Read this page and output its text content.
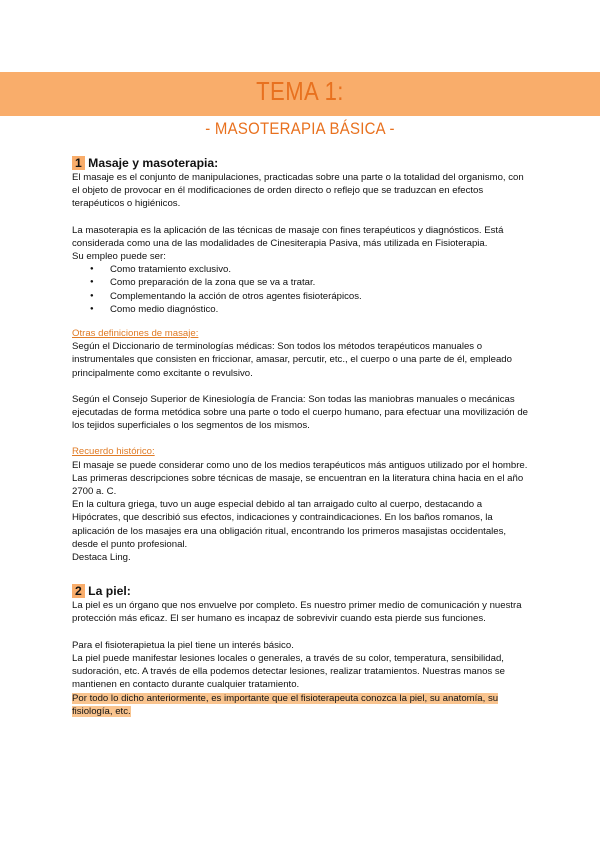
TEMA 1:
- MASOTERAPIA BÁSICA -
1 Masaje y masoterapia:

El masaje es el conjunto de manipulaciones, practicadas sobre una parte o la totalidad del organismo, con el objeto de provocar en él modificaciones de orden directo o reflejo que se traduzcan en efectos terapéuticos o higiénicos.

La masoterapia es la aplicación de las técnicas de masaje con fines terapéuticos y diagnósticos. Está considerada como una de las modalidades de Cinesiterapia Pasiva, más utilizada en Fisioterapia.

Su empleo puede ser:

● Como tratamiento exclusivo.
● Como preparación de la zona que se va a tratar.
● Complementando la acción de otros agentes fisioterápicos.
● Como medio diagnóstico.

Otras definiciones de masaje:

Según el Diccionario de terminologías médicas: Son todos los métodos terapéuticos manuales o instrumentales que consisten en friccionar, amasar, percutir, etc., el cuerpo o una parte de él, empleado principalmente como excitante o revulsivo.

Según el Consejo Superior de Kinesiología de Francia: Son todas las maniobras manuales o mecánicas ejecutadas de forma metódica sobre una parte o todo el cuerpo humano, para efectuar una movilización de los tejidos superficiales o los segmentos de los mismos.

Recuerdo histórico:

El masaje se puede considerar como uno de los medios terapéuticos más antiguos utilizado por el hombre.

Las primeras descripciones sobre técnicas de masaje, se encuentran en la literatura china hacia en el año 2700 a. C.

En la cultura griega, tuvo un auge especial debido al tan arraigado culto al cuerpo, destacando a Hipócrates, que describió sus efectos, indicaciones y contraindicaciones. En los baños romanos, la aplicación de los masajes era una obligación ritual, encontrando los primeros masajistas occidentales, desde el punto profesional.

Destaca Ling.

2 La piel:

La piel es un órgano que nos envuelve por completo. Es nuestro primer medio de comunicación y nuestra protección más eficaz. El ser humano es incapaz de sobrevivir cuando esta pierde sus funciones.

Para el fisioterapietua la piel tiene un interés básico.

La piel puede manifestar lesiones locales o generales, a través de su color, temperatura, sensibilidad, sudoración, etc. A través de ella podemos detectar lesiones, realizar tratamientos. Nuestras manos se mantienen en contacto durante cualquier tratamiento.

Por todo lo dicho anteriormente, es importante que el fisioterapeuta conozca la piel, su anatomía, su fisiología, etc.
